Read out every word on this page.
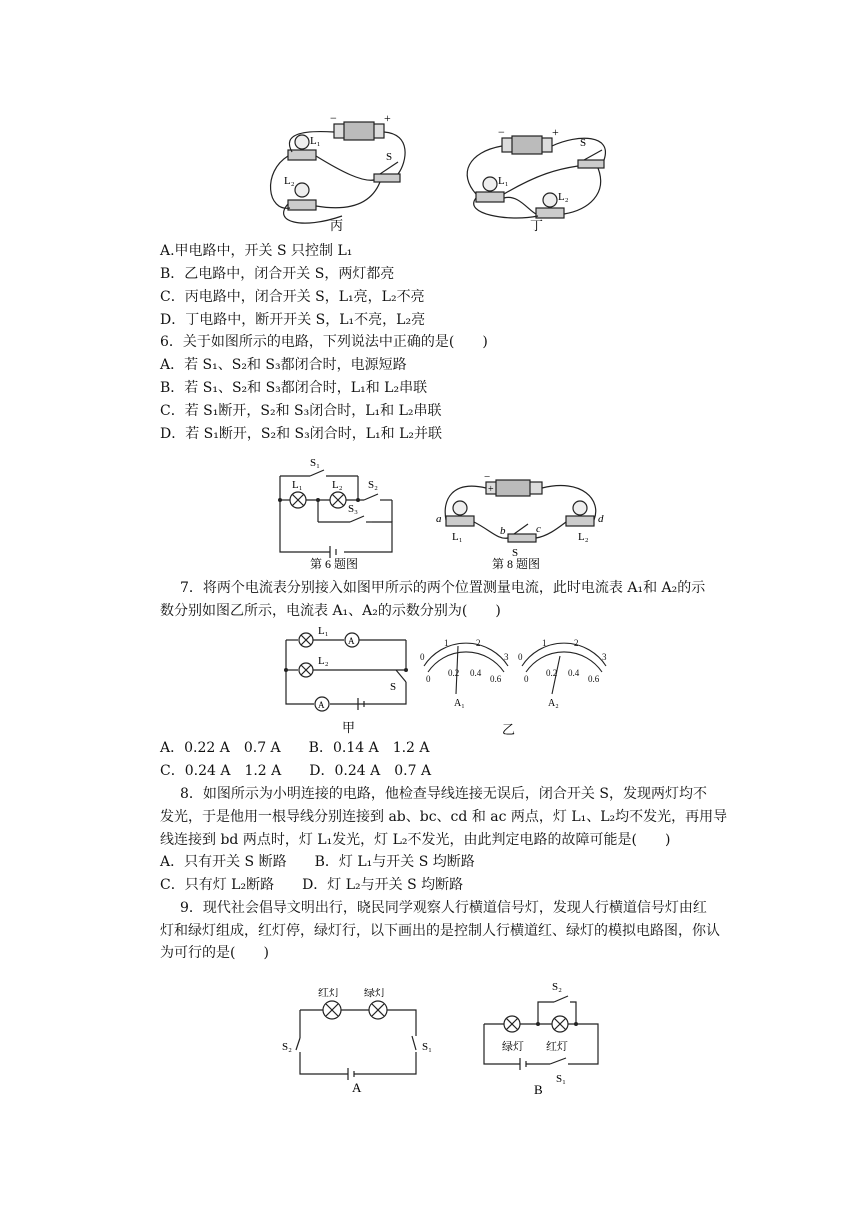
−	+
L₁
L₂
S
丙
−	+
L₁
L₂
S
丁
A.甲电路中，开关 S 只控制 L₁
B．乙电路中，闭合开关 S，两灯都亮
C．丙电路中，闭合开关 S，L₁亮，L₂不亮
D．丁电路中，断开开关 S，L₁不亮，L₂亮
6．关于如图所示的电路，下列说法中正确的是(　　)
A．若 S₁、S₂和 S₃都闭合时，电源短路
B．若 S₁、S₂和 S₃都闭合时，L₁和 L₂串联
C．若 S₁断开，S₂和 S₃闭合时，L₁和 L₂串联
D．若 S₁断开，S₂和 S₃闭合时，L₁和 L₂并联
S₁
L₁	L₂ S₂
S₃
第 6 题图
−
+
a
b	c
d
L₁	L₂
S
第 8 题图
7．将两个电流表分别接入如图甲所示的两个位置测量电流，此时电流表 A₁和 A₂的示
数分别如图乙所示，电流表 A₁、A₂的示数分别为(　　)
A
A
L₁
L₂
S
甲
0
1	2
3
0
0.2 0.4
0.6
0
1	2
3
0
0.2 0.4
0.6
A₁	A₂
乙
A．0.22 A　0.7 A　　B．0.14 A　1.2 A
C．0.24 A　1.2 A　　D．0.24 A　0.7 A
8．如图所示为小明连接的电路，他检查导线连接无误后，闭合开关 S，发现两灯均不
发光，于是他用一根导线分别连接到 ab、bc、cd 和 ac 两点，灯 L₁、L₂均不发光，再用导
线连接到 bd 两点时，灯 L₁发光，灯 L₂不发光，由此判定电路的故障可能是(　　)
A．只有开关 S 断路　　B．灯 L₁与开关 S 均断路
C．只有灯 L₂断路　　D．灯 L₂与开关 S 均断路
9．现代社会倡导文明出行，晓民同学观察人行横道信号灯，发现人行横道信号灯由红
灯和绿灯组成，红灯停，绿灯行，以下画出的是控制人行横道红、绿灯的模拟电路图，你认
为可行的是(　　)
红灯 绿灯
S₂	S₁
A
S₂
绿灯 红灯
S₁
B
